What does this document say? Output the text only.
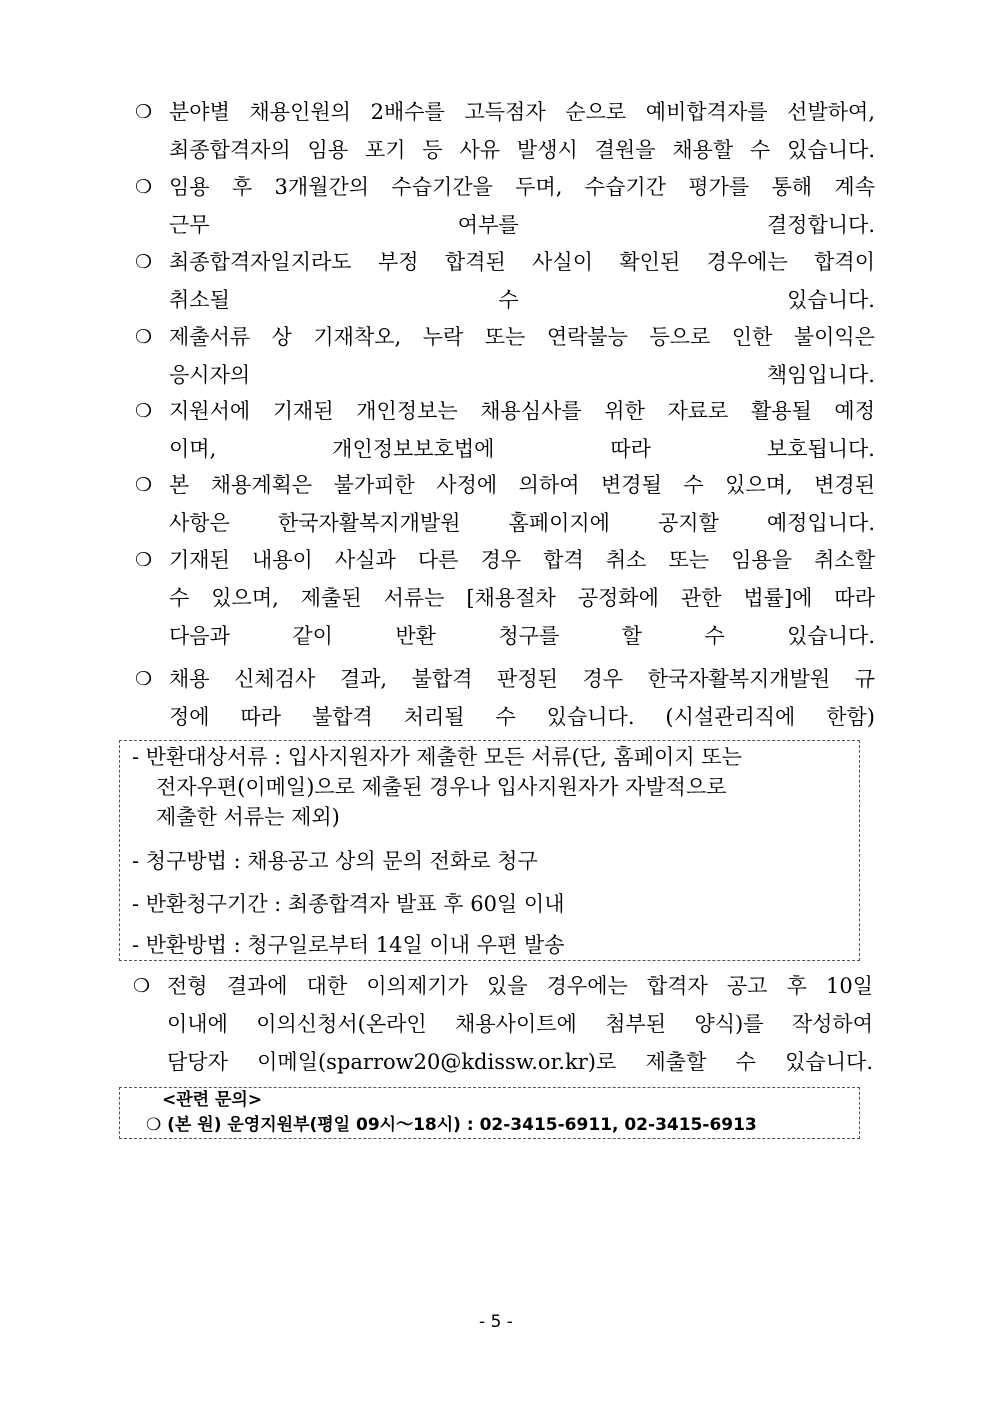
❍ 분야별 채용인원의 2배수를 고득점자 순으로 예비합격자를 선발하여,
최종합격자의 임용 포기 등 사유 발생시 결원을 채용할 수 있습니다.
❍ 임용 후 3개월간의 수습기간을 두며, 수습기간 평가를 통해 계속
근무 여부를 결정합니다.
❍ 최종합격자일지라도 부정 합격된 사실이 확인된 경우에는 합격이
취소될 수 있습니다.
❍ 제출서류 상 기재착오, 누락 또는 연락불능 등으로 인한 불이익은
응시자의 책임입니다.
❍ 지원서에 기재된 개인정보는 채용심사를 위한 자료로 활용될 예정
이며, 개인정보보호법에 따라 보호됩니다.
❍ 본 채용계획은 불가피한 사정에 의하여 변경될 수 있으며, 변경된
사항은 한국자활복지개발원 홈페이지에 공지할 예정입니다.
❍ 기재된 내용이 사실과 다른 경우 합격 취소 또는 임용을 취소할
수 있으며, 제출된 서류는 [채용절차 공정화에 관한 법률]에 따라
다음과 같이 반환 청구를 할 수 있습니다.
❍ 채용 신체검사 결과, 불합격 판정된 경우 한국자활복지개발원 규
정에 따라 불합격 처리될 수 있습니다. (시설관리직에 한함)
- 반환대상서류 : 입사지원자가 제출한 모든 서류(단, 홈페이지 또는
전자우편(이메일)으로 제출된 경우나 입사지원자가 자발적으로
제출한 서류는 제외)
- 청구방법 : 채용공고 상의 문의 전화로 청구
- 반환청구기간 : 최종합격자 발표 후 60일 이내
- 반환방법 : 청구일로부터 14일 이내 우편 발송
❍ 전형 결과에 대한 이의제기가 있을 경우에는 합격자 공고 후 10일
이내에 이의신청서(온라인 채용사이트에 첨부된 양식)를 작성하여
담당자 이메일(sparrow20@kdissw.or.kr)로 제출할 수 있습니다.
<관련 문의>
❍ (본 원) 운영지원부(평일 09시～18시) : 02-3415-6911, 02-3415-6913
- 5 -
